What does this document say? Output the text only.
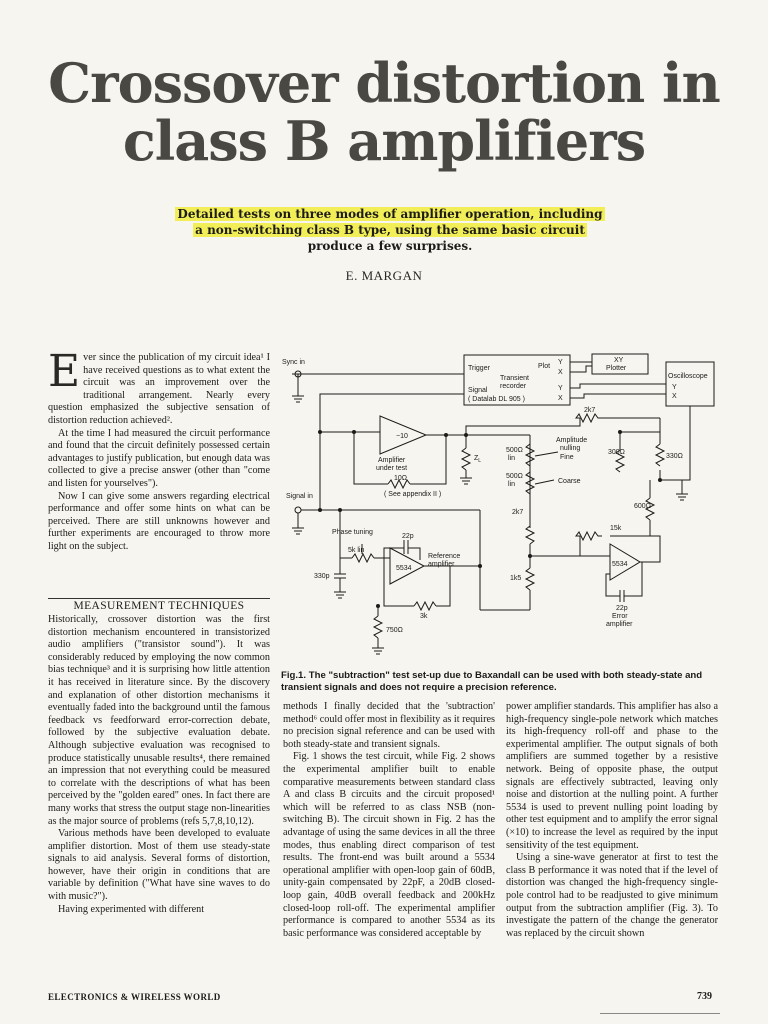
Crossover distortion in
class B amplifiers
Detailed tests on three modes of amplifier operation, including
a non-switching class B type, using the same basic circuit
produce a few surprises.
E. MARGAN

Ever since the publication of my circuit idea¹ I have received questions as to what extent the circuit was an improvement over the traditional arrangement. Nearly every question emphasized the subjective sensation of distortion reduction achieved².

At the time I had measured the circuit performance and found that the circuit definitely possessed certain advantages to justify publication, but enough data was collected to give a precise answer (other than "come and listen for yourselves").

Now I can give some answers regarding electrical performance and offer some hints on what can be perceived. There are still unknowns however and further experiments are encouraged to throw more light on the subject.

MEASUREMENT TECHNIQUES

Historically, crossover distortion was the first distortion mechanism encountered in transistorized audio amplifiers ("transistor sound"). It was considerably reduced by employing the now common bias technique³ and it is surprising how little attention it has received in literature since. By the discovery and explanation of other distortion mechanisms it eventually faded into the background until the famous feedback vs feedforward error-correction debate, followed by the subjective evaluation debate. Although subjective evaluation was recognised to produce statistically unusable results⁴, there remained an impression that not everything could be measured to correlate with the descriptions of what has been perceived by the "golden eared" ones. In fact there are many works that stress the output stage non-linearities as the major source of problems (refs 5,7,8,10,12).

Various methods have been developed to evaluate amplifier distortion. Most of them use steady-state signals to aid analysis. Several forms of distortion, however, have their origin in conditions that are variable by definition ("What have sine waves to do with music?").

Having experimented with different

methods I finally decided that the 'subtraction' method⁶ could offer most in flexibility as it requires no precision signal reference and can be used with both steady-state and transient signals.

Fig. 1 shows the test circuit, while Fig. 2 shows the experimental amplifier built to enable comparative measurements between standard class A and class B circuits and the circuit proposed¹ which will be referred to as class NSB (non-switching B). The circuit shown in Fig. 2 has the advantage of using the same devices in all the three modes, thus enabling direct comparison of test results. The front-end was built around a 5534 operational amplifier with open-loop gain of 60dB, unity-gain compensated by 22pF, a 20dB closed-loop gain, 40dB overall feedback and 200kHz closed-loop roll-off. The experimental amplifier performance is compared to another 5534 as its basic performance was considered acceptable by

power amplifier standards. This amplifier has also a high-frequency single-pole network which matches its high-frequency roll-off and phase to the experimental amplifier. The output signals of both amplifiers are summed together by a resistive network. Being of opposite phase, the output signals are effectively subtracted, leaving only noise and distortion at the nulling point. A further 5534 is used to prevent nulling point loading by other test equipment and to amplify the error signal (×10) to increase the level as required by the input sensitivity of the test equipment.

Using a sine-wave generator at first to test the class B performance it was noted that if the level of distortion was changed the high-frequency single-pole control had to be readjusted to give minimum output from the subtraction amplifier (Fig. 3). To investigate the pattern of the change the generator was replaced by the circuit shown

Sync in
Trigger	Plot
Transient
recorder
Signal
( Datalab DL 905 )
Y
X
Y
X
XY
Plotter
Oscilloscope
Y
X
−10
Amplifier
under test
10Ω
( See appendix II )
$Z_L$
Signal in
500Ω
lin
500Ω
lin
Amplitude
nulling
Fine
Coarse
2k7
2k7
300Ω
330Ω
600Ω
15k
Phase tuning
5k lin
22p
Reference
amplifier
330p
5534
1k5
5534
22p
Error
amplifier
3k
750Ω
Fig.1. The "subtraction" test set-up due to Baxandall can be used with both steady-state and transient signals and does not require a precision reference.
ELECTRONICS & WIRELESS WORLD	739
